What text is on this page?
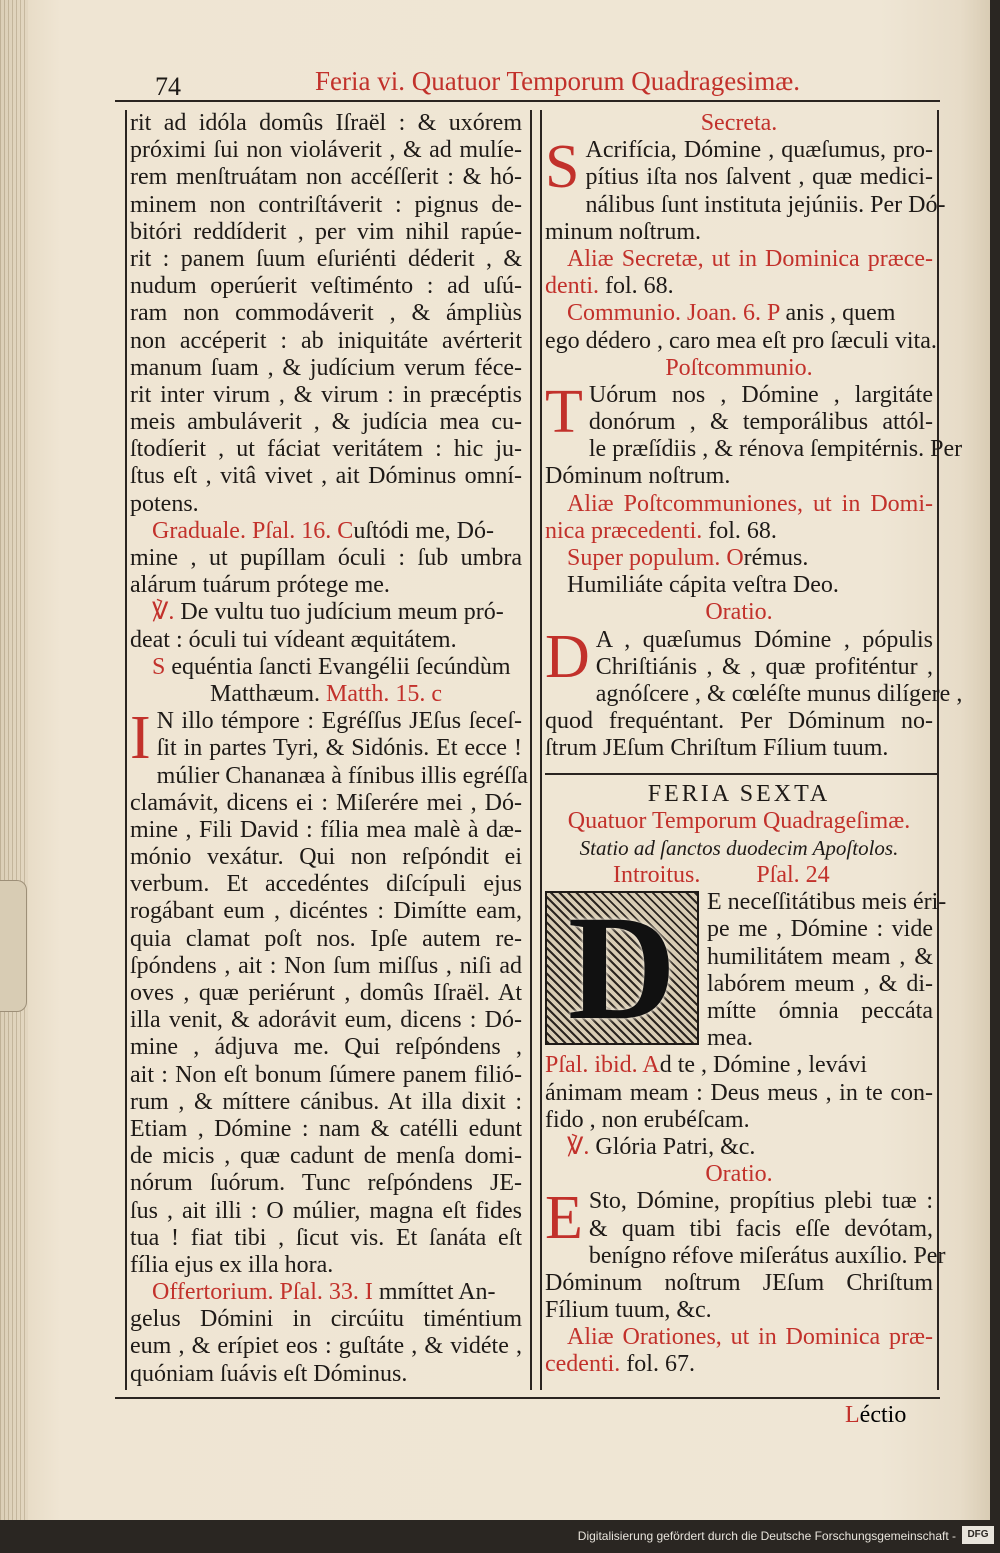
74	Feria vi. Quatuor Temporum Quadragesimæ.
rit ad idóla domûs Iſraël : & uxórem
próximi ſui non violáverit , & ad mulíe-
rem menſtruátam non accéſſerit : & hó-
minem non contriſtáverit : pignus de-
bitóri reddíderit , per vim nihil rapúe-
rit : panem ſuum eſuriénti déderit , &
nudum operúerit veſtiménto : ad uſú-
ram non commodáverit , & ámpliùs
non accéperit : ab iniquitáte avérterit
manum ſuam , & judícium verum féce-
rit inter virum , & virum : in præcéptis
meis ambuláverit , & judícia mea cu-
ſtodíerit , ut fáciat veritátem : hic ju-
ſtus eſt , vitâ vivet , ait Dóminus omní-
potens.
Graduale. Pſal. 16. Cuſtódi me, Dó-
mine , ut pupíllam óculi : ſub umbra
alárum tuárum prótege me.
℣. De vultu tuo judícium meum pró-
deat : óculi tui vídeant æquitátem.
S equéntia ſancti Evangélii ſecúndùm
Matthæum. Matth. 15. c
I N illo témpore : Egréſſus JEſus ſeceſ-
ſit in partes Tyri, & Sidónis. Et ecce !
múlier Chananæa à fínibus illis egréſſa
clamávit, dicens ei : Miſerére mei , Dó-
mine , Fili David : fília mea malè à dæ-
mónio vexátur. Qui non reſpóndit ei
verbum. Et accedéntes diſcípuli ejus
rogábant eum , dicéntes : Dimítte eam,
quia clamat poſt nos. Ipſe autem re-
ſpóndens , ait : Non ſum miſſus , niſi ad
oves , quæ periérunt , domûs Iſraël. At
illa venit, & adorávit eum, dicens : Dó-
mine , ádjuva me. Qui reſpóndens ,
ait : Non eſt bonum ſúmere panem filió-
rum , & míttere cánibus. At illa dixit :
Etiam , Dómine : nam & catélli edunt
de micis , quæ cadunt de menſa domi-
nórum ſuórum. Tunc reſpóndens JE-
ſus , ait illi : O múlier, magna eſt fides
tua ! fiat tibi , ſicut vis. Et ſanáta eſt
fília ejus ex illa hora.
Offertorium. Pſal. 33. I mmíttet An-
gelus Dómini in circúitu timéntium
eum , & erípiet eos : guſtáte , & vidéte ,
quóniam ſuávis eſt Dóminus.
Secreta.
S Acrifícia, Dómine , quæſumus, pro-
pítius iſta nos ſalvent , quæ medici-
nálibus ſunt instituta jejúniis. Per Dó-
minum noſtrum.
Aliæ Secretæ, ut in Dominica præce-
denti. fol. 68.
Communio. Joan. 6. P anis , quem
ego dédero , caro mea eſt pro ſæculi vita.
Poſtcommunio.
T Uórum nos , Dómine , largitáte
donórum , & temporálibus attól-
le præſídiis , & rénova ſempitérnis. Per
Dóminum noſtrum.
Aliæ Poſtcommuniones, ut in Domi-
nica præcedenti. fol. 68.
Super populum. Orémus.
Humiliáte cápita veſtra Deo.
Oratio.
D A , quæſumus Dómine , pópulis
Chriſtiánis , & , quæ profiténtur ,
agnóſcere , & cœléſte munus dilígere ,
quod frequéntant. Per Dóminum no-
ſtrum JEſum Chriſtum Fílium tuum.
FERIA SEXTA
Quatuor Temporum Quadrageſimæ.
Statio ad ſanctos duodecim Apoſtolos.
Introitus. Pſal. 24
D	E neceſſitátibus meis éri-
pe me , Dómine : vide
humilitátem meam , &
labórem meum , & di-
mítte ómnia peccáta
mea.
Pſal. ibid. Ad te , Dómine , levávi
ánimam meam : Deus meus , in te con-
fido , non erubéſcam.
℣. Glória Patri, &c.
Oratio.
E Sto, Dómine, propítius plebi tuæ :
& quam tibi facis eſſe devótam,
benígno réfove miſerátus auxílio. Per
Dóminum noſtrum JEſum Chriſtum
Fílium tuum, &c.
Aliæ Orationes, ut in Dominica præ-
cedenti. fol. 67.
Léctio
Digitalisierung gefördert durch die Deutsche Forschungsgemeinschaft -	DFG
